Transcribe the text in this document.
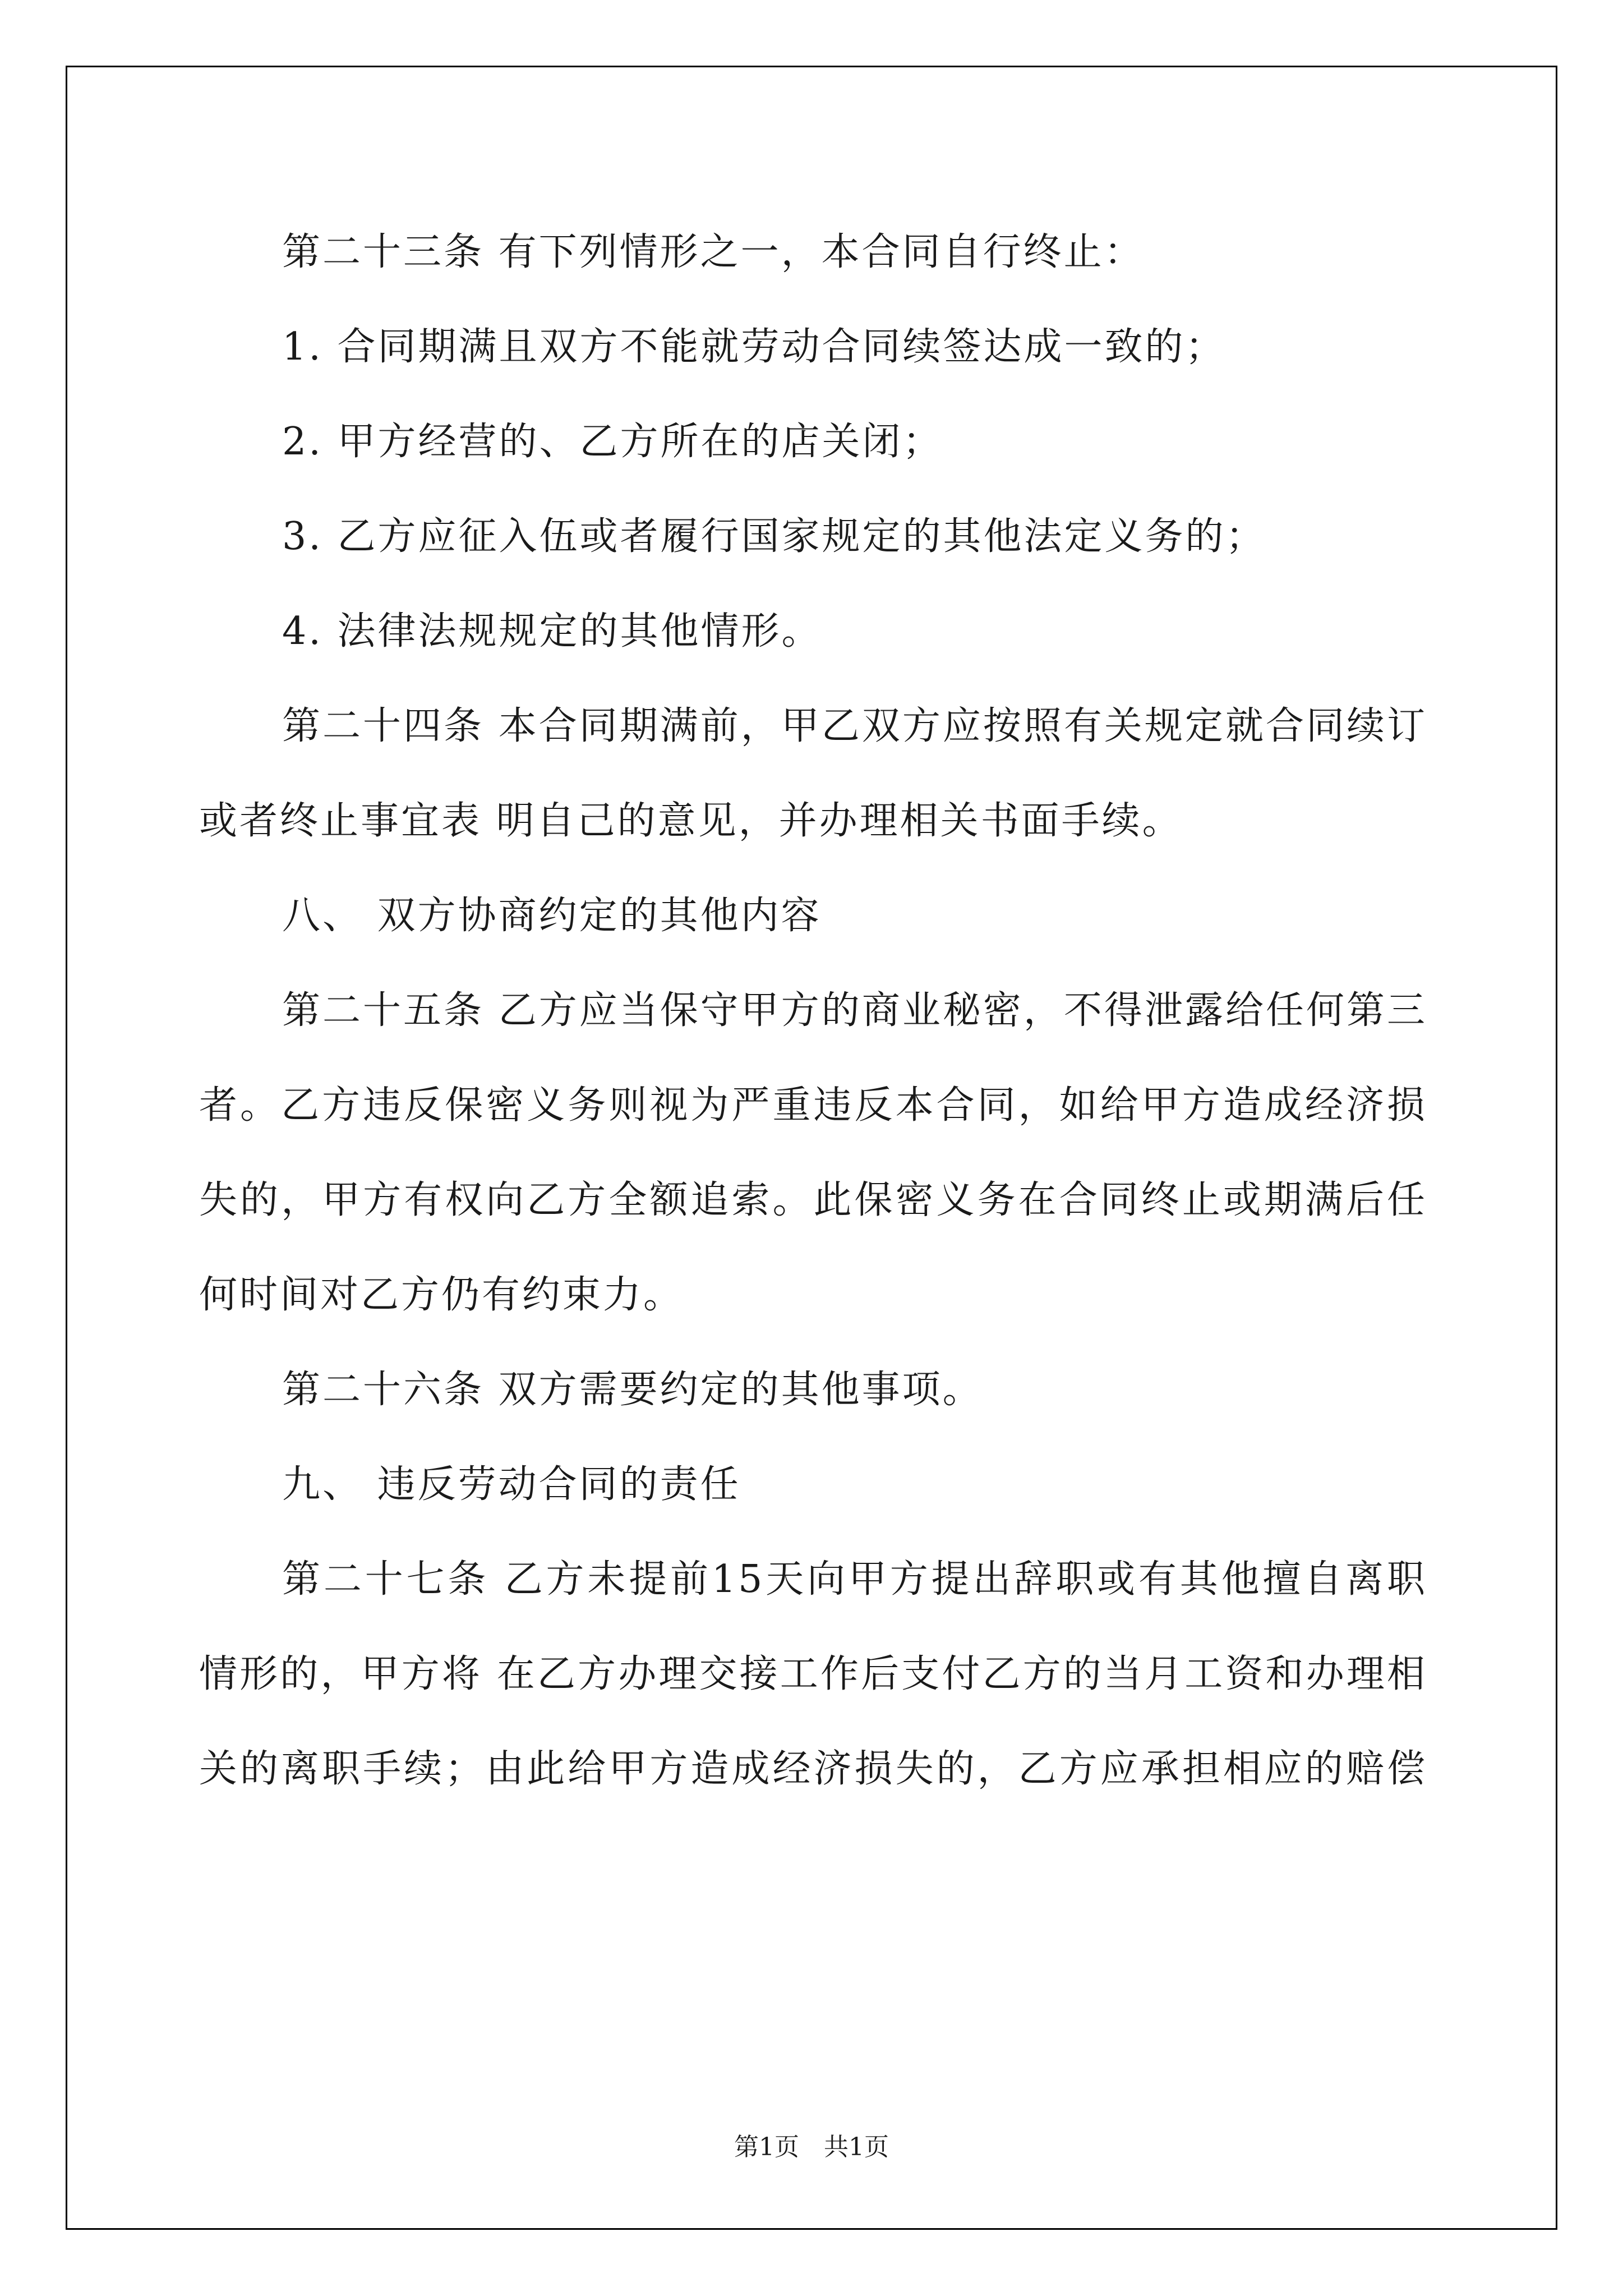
第二十三条 有下列情形之一，本合同自行终止：
1. 合同期满且双方不能就劳动合同续签达成一致的；
2. 甲方经营的、乙方所在的店关闭；
3. 乙方应征入伍或者履行国家规定的其他法定义务的；
4. 法律法规规定的其他情形。
第二十四条 本合同期满前，甲乙双方应按照有关规定就合同续订
或者终止事宜表 明自己的意见，并办理相关书面手续。
八、 双方协商约定的其他内容
第二十五条 乙方应当保守甲方的商业秘密，不得泄露给任何第三
者。乙方违反保密义务则视为严重违反本合同，如给甲方造成经济损
失的，甲方有权向乙方全额追索。此保密义务在合同终止或期满后任
何时间对乙方仍有约束力。
第二十六条 双方需要约定的其他事项。
九、 违反劳动合同的责任
第二十七条 乙方未提前15天向甲方提出辞职或有其他擅自离职
情形的，甲方将 在乙方办理交接工作后支付乙方的当月工资和办理相
关的离职手续；由此给甲方造成经济损失的，乙方应承担相应的赔偿
第1页 共1页
